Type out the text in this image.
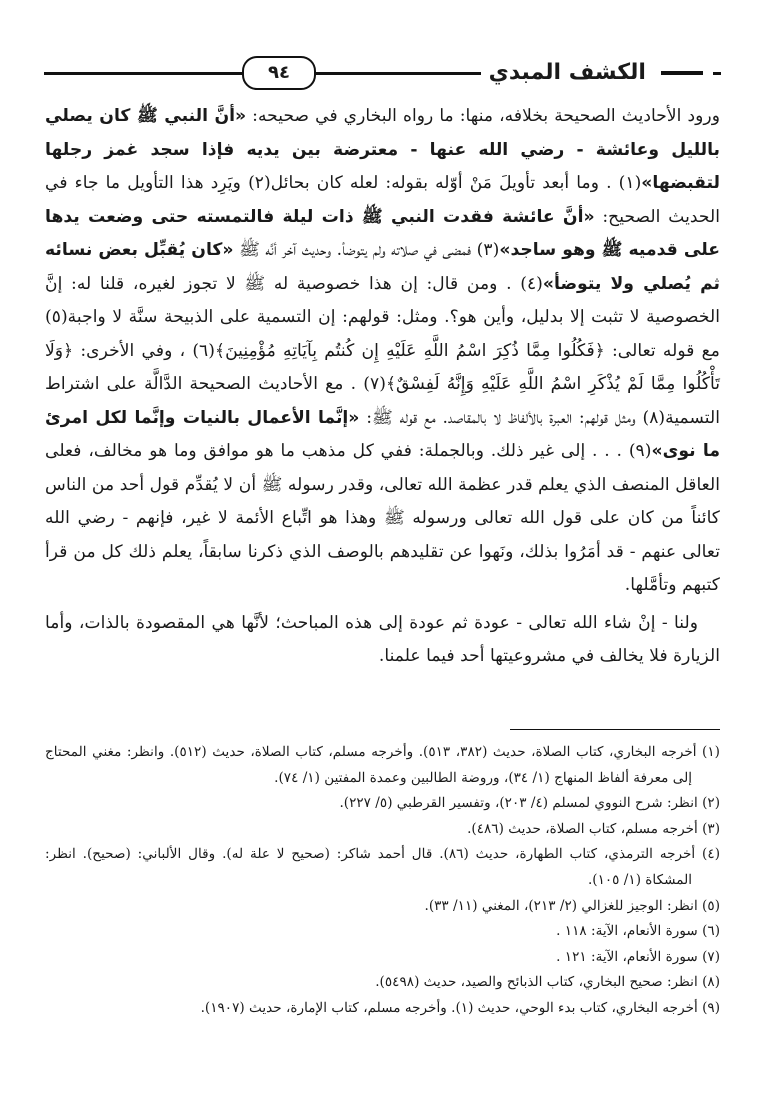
الكشف المبدي
٩٤

ورود الأحاديث الصحيحة بخلافه، منها: ما رواه البخاري في صحيحه: «أنَّ النبي ﷺ كان يصلي بالليل وعائشة - رضي الله عنها - معترضة بين يديه فإذا سجد غمز رجلها لتقبضها»(١) . وما أبعد تأويلَ مَنْ أوّله بقوله: لعله كان بحائل(٢) ويَرِد هذا التأويل ما جاء في الحديث الصحيح: «أنَّ عائشة فقدت النبي ﷺ ذات ليلة فالتمسته حتى وضعت يدها على قدميه ﷺ وهو ساجد»(٣) فمضى في صلاته ولم يتوضأ. وحديث آخر أنَّه ﷺ «كان يُقبِّل بعض نسائه ثم يُصلي ولا يتوضأ»(٤) . ومن قال: إن هذا خصوصية له ﷺ لا تجوز لغيره، قلنا له: إنَّ الخصوصية لا تثبت إلا بدليل، وأين هو؟. ومثل: قولهم: إن التسمية على الذبيحة سنَّة لا واجبة(٥) مع قوله تعالى: ﴿فَكُلُوا مِمَّا ذُكِرَ اسْمُ اللَّهِ عَلَيْهِ إِن كُنتُم بِآيَاتِهِ مُؤْمِنِينَ﴾(٦) ، وفي الأخرى: ﴿وَلَا تَأْكُلُوا مِمَّا لَمْ يُذْكَرِ اسْمُ اللَّهِ عَلَيْهِ وَإِنَّهُ لَفِسْقٌ﴾(٧) . مع الأحاديث الصحيحة الدَّالَّة على اشتراط التسمية(٨) ومثل قولهم: العبرة بالألفاظ لا بالمقاصد. مع قوله ﷺ: «إنَّما الأعمال بالنيات وإنَّما لكل امرئ ما نوى»(٩) . . . إلى غير ذلك. وبالجملة: ففي كل مذهب ما هو موافق وما هو مخالف، فعلى العاقل المنصف الذي يعلم قدر عظمة الله تعالى، وقدر رسوله ﷺ أن لا يُقدِّم قول أحد من الناس كائناً من كان على قول الله تعالى ورسوله ﷺ وهذا هو اتِّباع الأئمة لا غير، فإنهم - رضي الله تعالى عنهم - قد أمَرُوا بذلك، ونَهوا عن تقليدهم بالوصف الذي ذكرنا سابقاً، يعلم ذلك كل من قرأ كتبهم وتأمَّلها.

ولنا - إنْ شاء الله تعالى - عودة ثم عودة إلى هذه المباحث؛ لأنَّها هي المقصودة بالذات، وأما الزيارة فلا يخالف في مشروعيتها أحد فيما علمنا.

(١) أخرجه البخاري، كتاب الصلاة، حديث (٣٨٢، ٥١٣). وأخرجه مسلم، كتاب الصلاة، حديث (٥١٢). وانظر: مغني المحتاج إلى معرفة ألفاظ المنهاج (١/ ٣٤)، وروضة الطالبين وعمدة المفتين (١/ ٧٤).

(٢) انظر: شرح النووي لمسلم (٤/ ٢٠٣)، وتفسير القرطبي (٥/ ٢٢٧).

(٣) أخرجه مسلم، كتاب الصلاة، حديث (٤٨٦).

(٤) أخرجه الترمذي، كتاب الطهارة، حديث (٨٦). قال أحمد شاكر: (صحيح لا علة له). وقال الألباني: (صحيح). انظر: المشكاة (١/ ١٠٥).

(٥) انظر: الوجيز للغزالي (٢/ ٢١٣)، المغني (١١/ ٣٣).

(٦) سورة الأنعام، الآية: ١١٨ .

(٧) سورة الأنعام، الآية: ١٢١ .

(٨) انظر: صحيح البخاري، كتاب الذبائح والصيد، حديث (٥٤٩٨).

(٩) أخرجه البخاري، كتاب بدء الوحي، حديث (١). وأخرجه مسلم، كتاب الإمارة، حديث (١٩٠٧).
